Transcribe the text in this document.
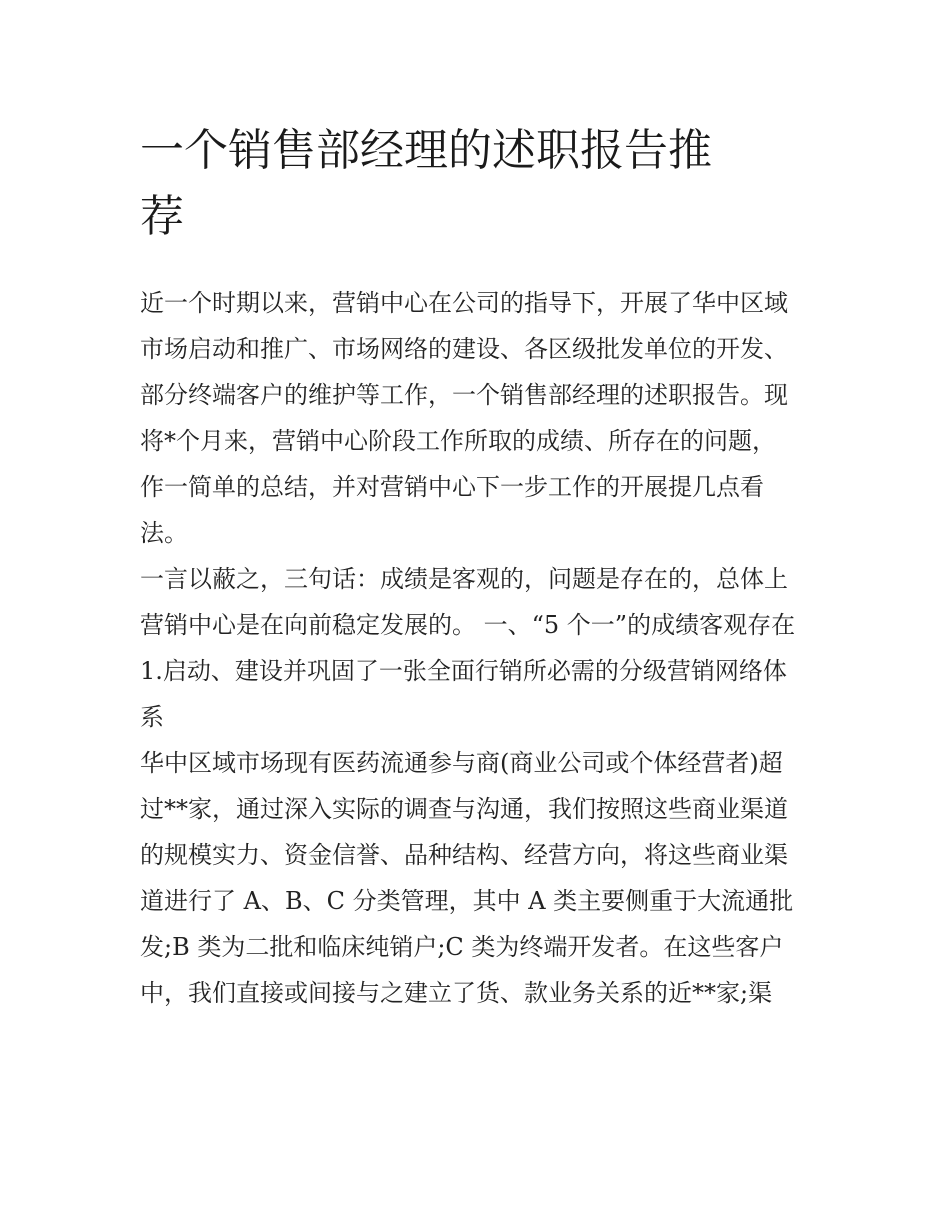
一个销售部经理的述职报告推
荐
近一个时期以来，营销中心在公司的指导下，开展了华中区域
市场启动和推广、市场网络的建设、各区级批发单位的开发、
部分终端客户的维护等工作，一个销售部经理的述职报告。现
将*个月来，营销中心阶段工作所取的成绩、所存在的问题，
作一简单的总结，并对营销中心下一步工作的开展提几点看
法。
一言以蔽之，三句话：成绩是客观的，问题是存在的，总体上
营销中心是在向前稳定发展的。 一、“5 个一”的成绩客观存在
1.启动、建设并巩固了一张全面行销所必需的分级营销网络体
系
华中区域市场现有医药流通参与商(商业公司或个体经营者)超
过**家，通过深入实际的调查与沟通，我们按照这些商业渠道
的规模实力、资金信誉、品种结构、经营方向，将这些商业渠
道进行了 A、B、C 分类管理，其中 A 类主要侧重于大流通批
发;B 类为二批和临床纯销户;C 类为终端开发者。在这些客户
中，我们直接或间接与之建立了货、款业务关系的近**家;渠
